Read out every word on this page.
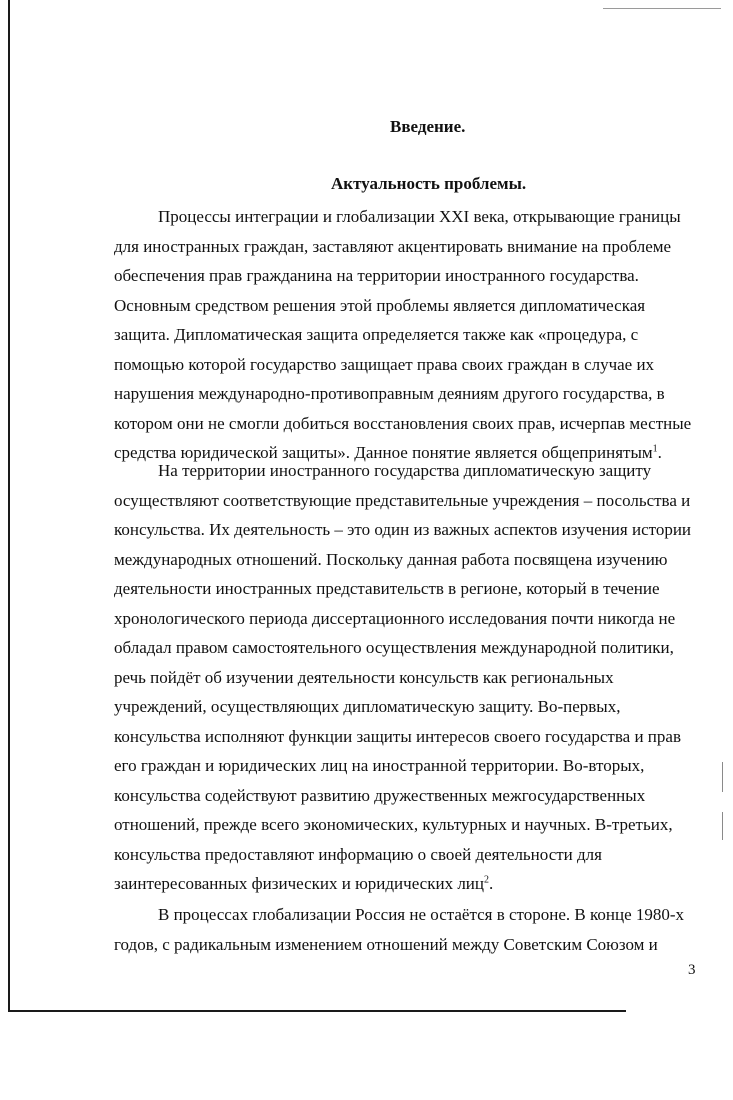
Введение.
Актуальность проблемы.
Процессы интеграции и глобализации XXI века, открывающие границы
для иностранных граждан, заставляют акцентировать внимание на проблеме
обеспечения прав гражданина на территории иностранного государства.
Основным средством решения этой проблемы является дипломатическая
защита. Дипломатическая защита определяется также как «процедура, с
помощью которой государство защищает права своих граждан в случае их
нарушения международно-противоправным деяниям другого государства, в
котором они не смогли добиться восстановления своих прав, исчерпав местные
средства юридической защиты». Данное понятие является общепринятым$^1$.
На территории иностранного государства дипломатическую защиту
осуществляют соответствующие представительные учреждения – посольства и
консульства. Их деятельность – это один из важных аспектов изучения истории
международных отношений. Поскольку данная работа посвящена изучению
деятельности иностранных представительств в регионе, который в течение
хронологического периода диссертационного исследования почти никогда не
обладал правом самостоятельного осуществления международной политики,
речь пойдёт об изучении деятельности консульств как региональных
учреждений, осуществляющих дипломатическую защиту. Во-первых,
консульства исполняют функции защиты интересов своего государства и прав
его граждан и юридических лиц на иностранной территории. Во-вторых,
консульства содействуют развитию дружественных межгосударственных
отношений, прежде всего экономических, культурных и научных. В-третьих,
консульства предоставляют информацию о своей деятельности для
заинтересованных физических и юридических лиц$^2$.
В процессах глобализации Россия не остаётся в стороне. В конце 1980-х
годов, с радикальным изменением отношений между Советским Союзом и
3
